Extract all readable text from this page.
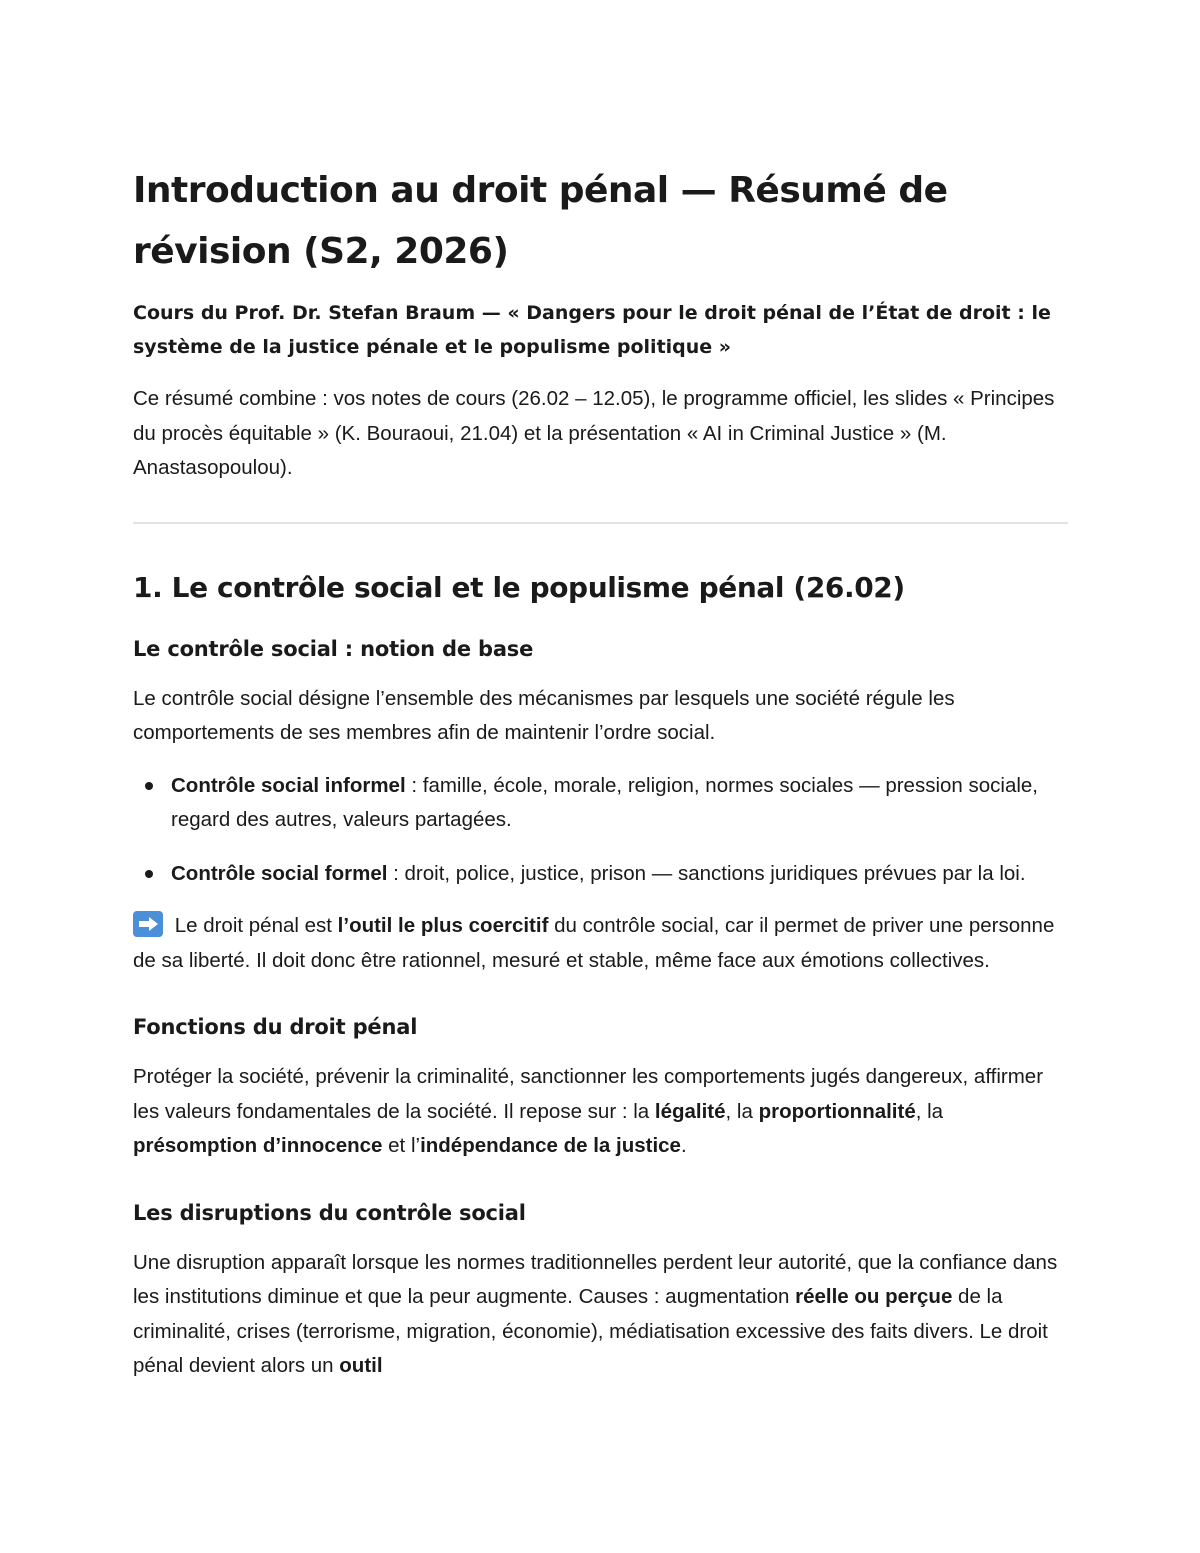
Introduction au droit pénal — Résumé de révision (S2, 2026)
Cours du Prof. Dr. Stefan Braum — « Dangers pour le droit pénal de l’État de droit : le système de la justice pénale et le populisme politique »

Ce résumé combine : vos notes de cours (26.02 – 12.05), le programme officiel, les slides « Principes du procès équitable » (K. Bouraoui, 21.04) et la présentation « AI in Criminal Justice » (M. Anastasopoulou).

1. Le contrôle social et le populisme pénal (26.02)
Le contrôle social : notion de base

Le contrôle social désigne l’ensemble des mécanismes par lesquels une société régule les comportements de ses membres afin de maintenir l’ordre social.

Contrôle social informel : famille, école, morale, religion, normes sociales — pression sociale, regard des autres, valeurs partagées.
Contrôle social formel : droit, police, justice, prison — sanctions juridiques prévues par la loi.

Le droit pénal est l’outil le plus coercitif du contrôle social, car il permet de priver une personne de sa liberté. Il doit donc être rationnel, mesuré et stable, même face aux émotions collectives.

Fonctions du droit pénal

Protéger la société, prévenir la criminalité, sanctionner les comportements jugés dangereux, affirmer les valeurs fondamentales de la société. Il repose sur : la légalité, la proportionnalité, la présomption d’innocence et l’indépendance de la justice.

Les disruptions du contrôle social

Une disruption apparaît lorsque les normes traditionnelles perdent leur autorité, que la confiance dans les institutions diminue et que la peur augmente. Causes : augmentation réelle ou perçue de la criminalité, crises (terrorisme, migration, économie), médiatisation excessive des faits divers. Le droit pénal devient alors un outil
